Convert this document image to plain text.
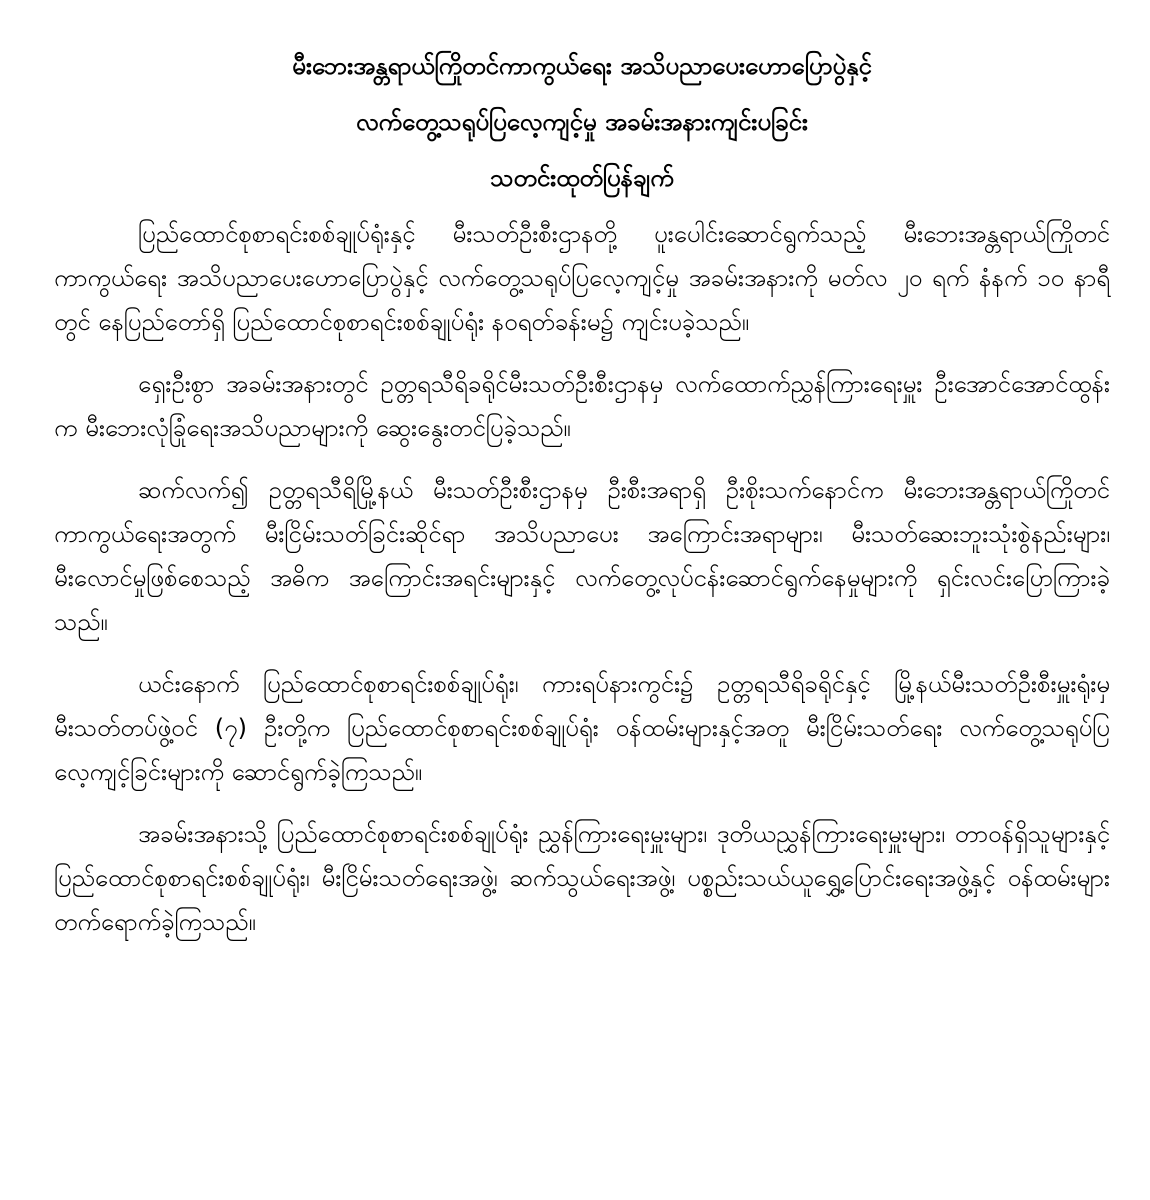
မီးဘေးအန္တရာယ်ကြိုတင်ကာကွယ်ရေး အသိပညာပေးဟောပြောပွဲနှင့်
လက်တွေ့သရုပ်ပြလေ့ကျင့်မှု အခမ်းအနားကျင်းပခြင်း
သတင်းထုတ်ပြန်ချက်

ပြည်ထောင်စုစာရင်းစစ်ချုပ်ရုံးနှင့် မီးသတ်ဦးစီးဌာနတို့ ပူးပေါင်းဆောင်ရွက်သည့် မီးဘေးအန္တရာယ်ကြိုတင်ကာကွယ်ရေး အသိပညာပေးဟောပြောပွဲနှင့် လက်တွေ့သရုပ်ပြလေ့ကျင့်မှု အခမ်းအနားကို မတ်လ ၂၀ ရက် နံနက် ၁၀ နာရီတွင် နေပြည်တော်ရှိ ပြည်ထောင်စုစာရင်းစစ်ချုပ်ရုံး န၀ရတ်ခန်းမ၌ ကျင်းပခဲ့သည်။

ရှေးဦးစွာ အခမ်းအနားတွင် ဥတ္တရသီရိခရိုင်မီးသတ်ဦးစီးဌာနမှ လက်ထောက်ညွှန်ကြားရေးမှူး ဦးအောင်အောင်ထွန်းက မီးဘေးလုံခြုံရေးအသိပညာများကို ဆွေးနွေးတင်ပြခဲ့သည်။

ဆက်လက်၍ ဥတ္တရသီရိမြို့နယ် မီးသတ်ဦးစီးဌာနမှ ဦးစီးအရာရှိ ဦးစိုးသက်နောင်က မီးဘေးအန္တရာယ်ကြိုတင်ကာကွယ်ရေးအတွက် မီးငြိမ်းသတ်ခြင်းဆိုင်ရာ အသိပညာပေး အကြောင်းအရာများ၊ မီးသတ်ဆေးဘူးသုံးစွဲနည်းများ၊ မီးလောင်မှုဖြစ်စေသည့် အဓိက အကြောင်းအရင်းများနှင့် လက်တွေ့လုပ်ငန်းဆောင်ရွက်နေမှုများကို ရှင်းလင်းပြောကြားခဲ့သည်။

ယင်းနောက် ပြည်ထောင်စုစာရင်းစစ်ချုပ်ရုံး၊ ကားရပ်နားကွင်း၌ ဥတ္တရသီရိခရိုင်နှင့် မြို့နယ်မီးသတ်ဦးစီးမှူးရုံးမှ မီးသတ်တပ်ဖွဲ့ဝင် (၇) ဦးတို့က ပြည်ထောင်စုစာရင်းစစ်ချုပ်ရုံး ဝန်ထမ်းများနှင့်အတူ မီးငြိမ်းသတ်ရေး လက်တွေ့သရုပ်ပြလေ့ကျင့်ခြင်းများကို ဆောင်ရွက်ခဲ့ကြသည်။

အခမ်းအနားသို့ ပြည်ထောင်စုစာရင်းစစ်ချုပ်ရုံး ညွှန်ကြားရေးမှူးများ၊ ဒုတိယညွှန်ကြားရေးမှူးများ၊ တာဝန်ရှိသူများနှင့် ပြည်ထောင်စုစာရင်းစစ်ချုပ်ရုံး၊ မီးငြိမ်းသတ်ရေးအဖွဲ့၊ ဆက်သွယ်ရေးအဖွဲ့၊ ပစ္စည်းသယ်ယူရွှေ့ပြောင်းရေးအဖွဲ့နှင့် ဝန်ထမ်းများတက်ရောက်ခဲ့ကြသည်။
